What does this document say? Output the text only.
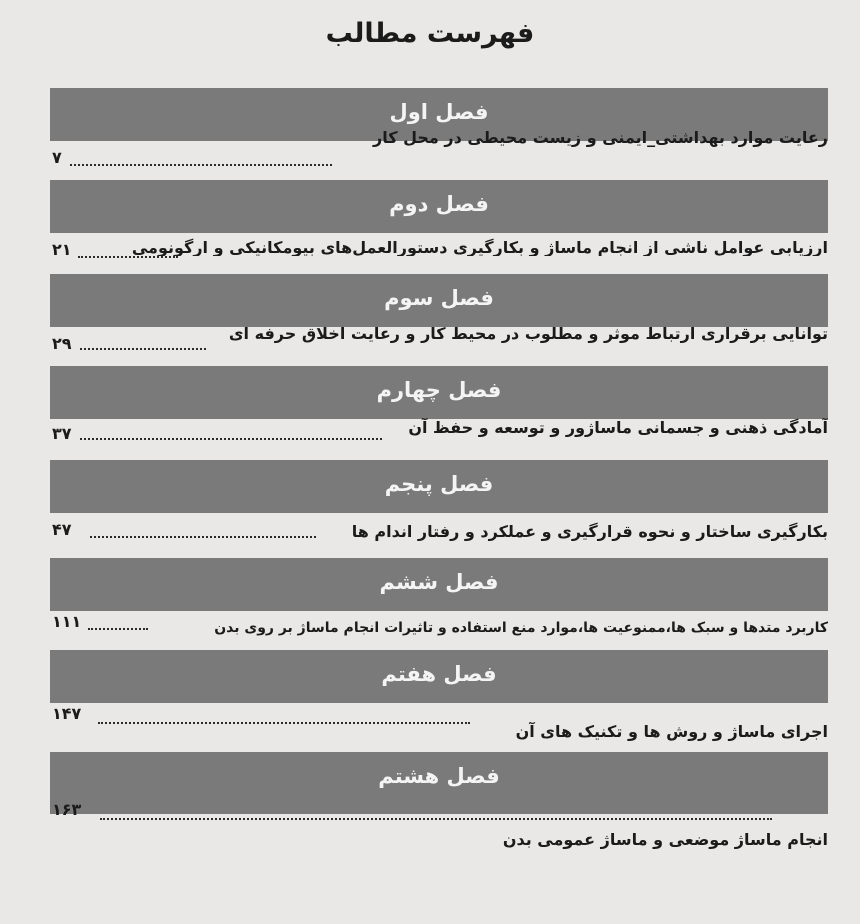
فهرست مطالب
فصل اول
رعایت موارد بهداشتی_ایمنی و زیست محیطی در محل کار
۷
فصل دوم
ارزیابی عوامل ناشی از انجام ماساژ و بکارگیری دستورالعمل‌های بیومکانیکی و ارگونومی
۲۱
فصل سوم
توانایی برقراری ارتباط موثر و مطلوب در محیط کار و رعایت اخلاق حرفه ای
۲۹
فصل چهارم
آمادگی ذهنی و جسمانی ماساژور و توسعه و حفظ آن
۳۷
فصل پنجم
بکارگیری ساختار و نحوه قرارگیری و عملکرد و رفتار اندام ها
۴۷
فصل ششم
کاربرد متدها و سبک ها،ممنوعیت ها،موارد منع استفاده و تاثیرات انجام ماساژ بر روی بدن
۱۱۱
فصل هفتم
اجرای ماساژ و روش ها و تکنیک های آن
۱۴۷
فصل هشتم
انجام ماساژ موضعی و ماساژ عمومی بدن
۱۶۳
